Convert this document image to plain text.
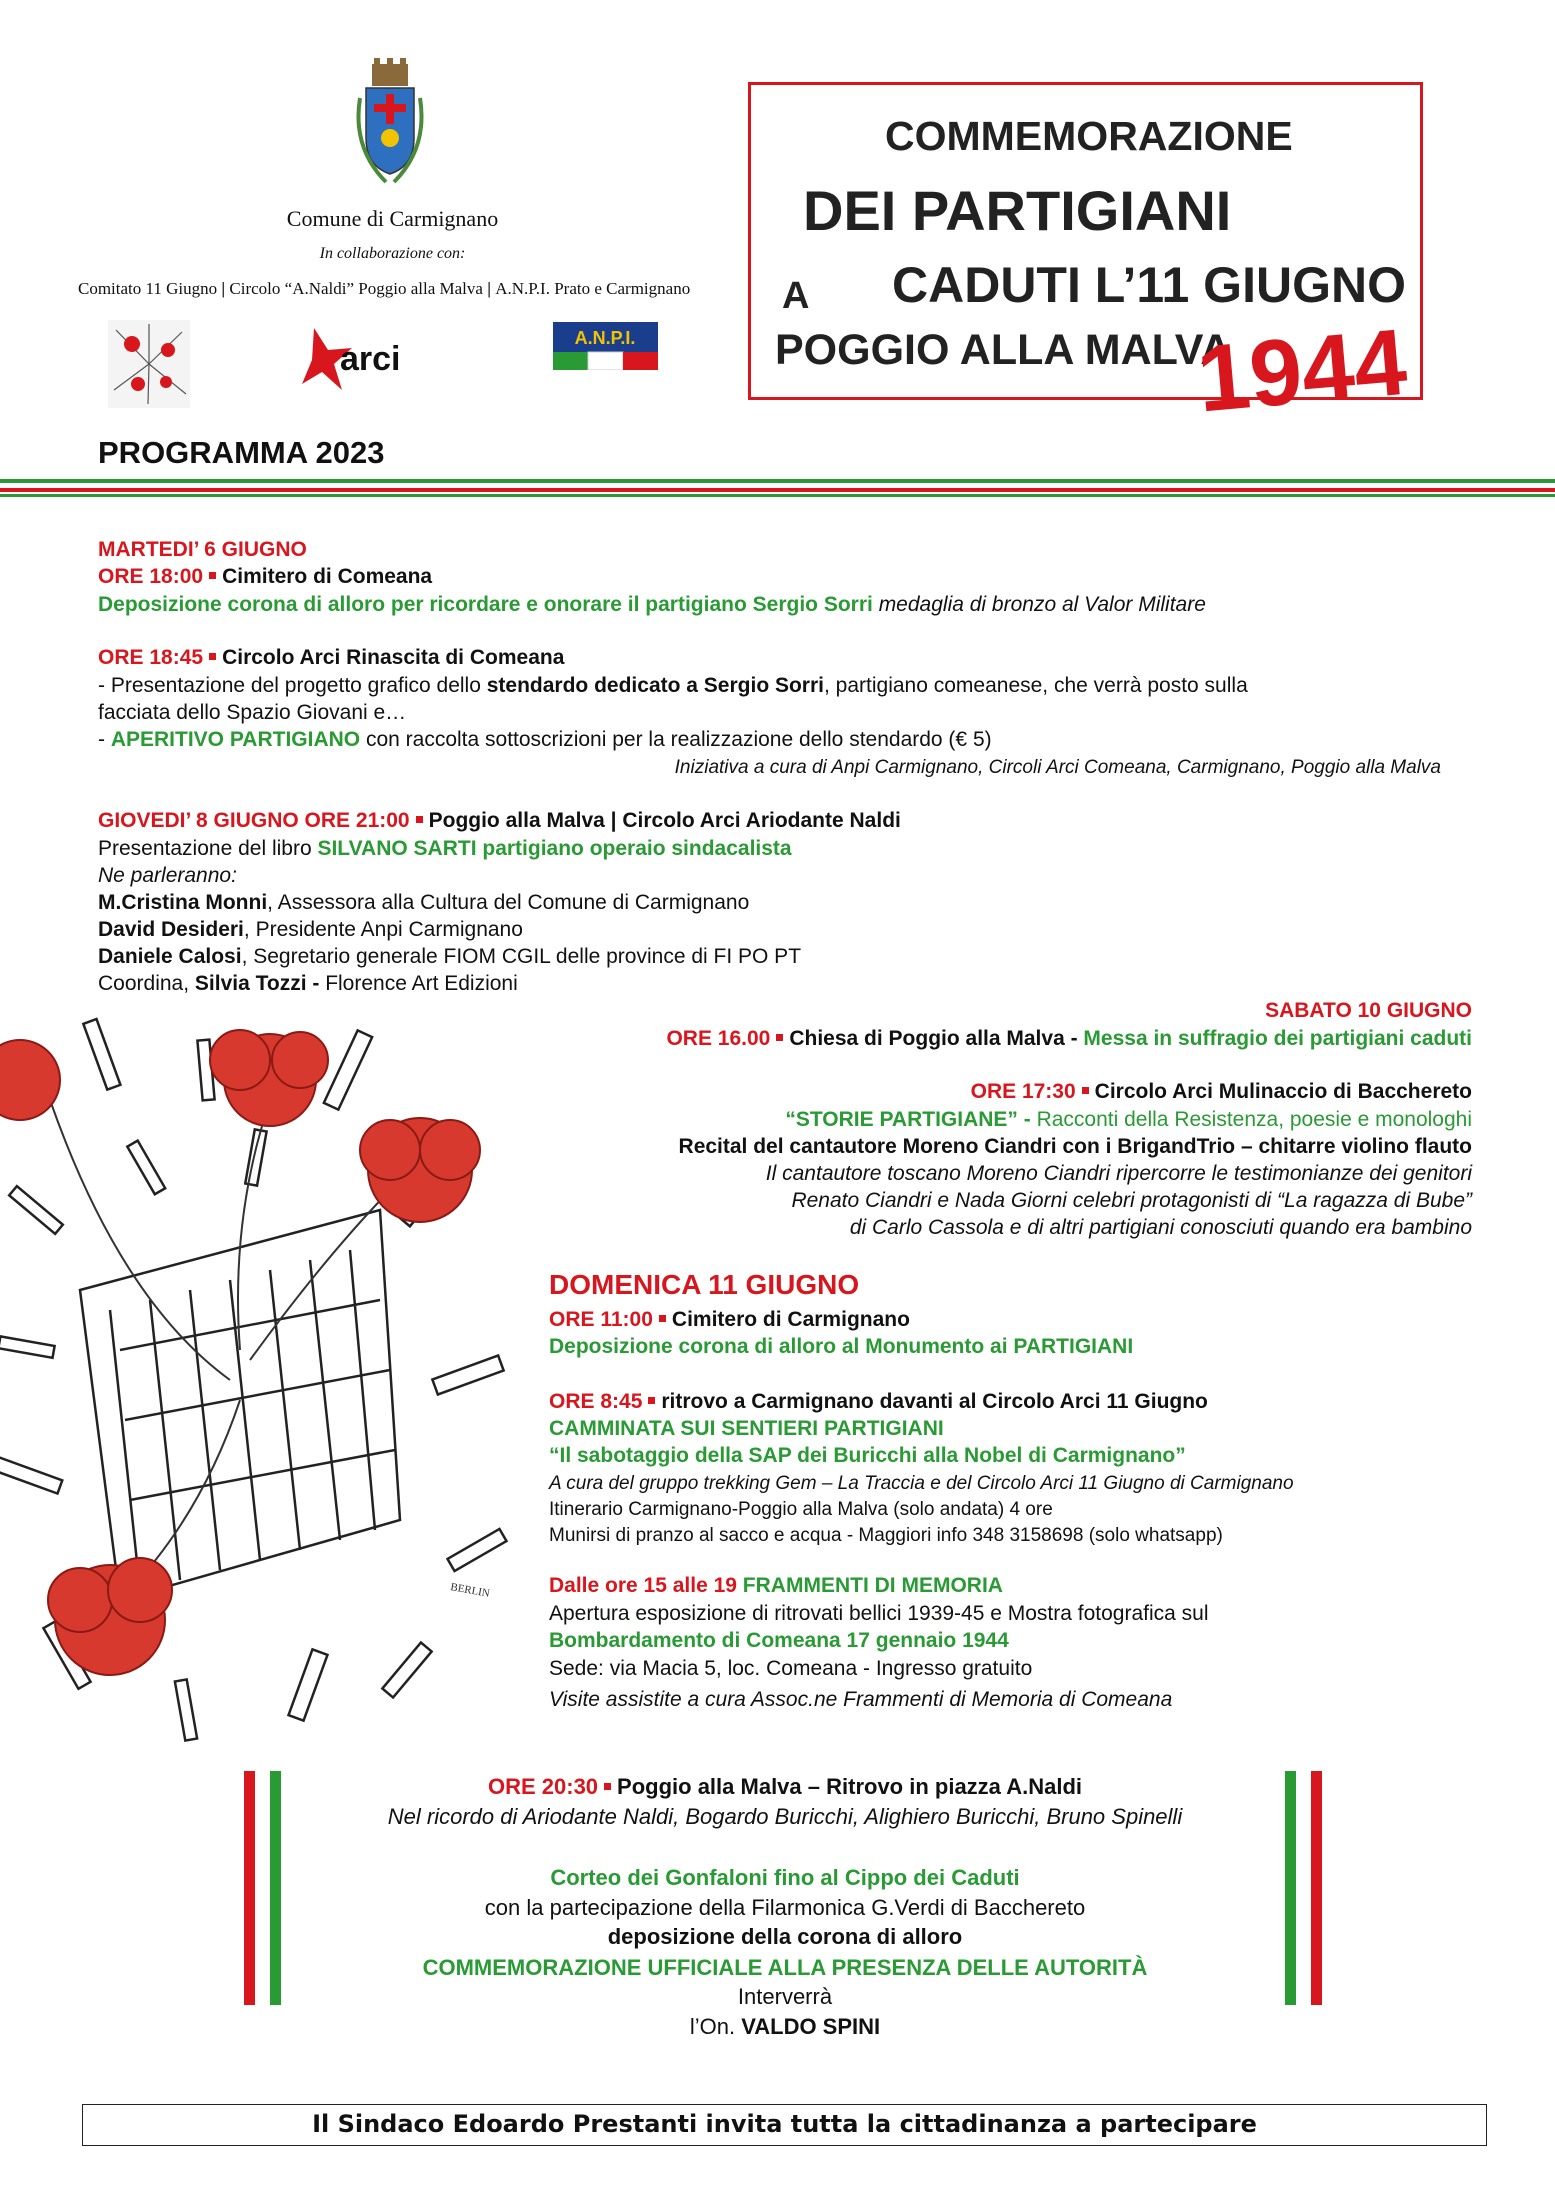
Comune di Carmignano
In collaborazione con:
Comitato 11 Giugno | Circolo “A.Naldi” Poggio alla Malva | A.N.P.I. Prato e Carmignano
arci
A.N.P.I.
COMMEMORAZIONE
DEI PARTIGIANI
CADUTI L’11 GIUGNO
A
POGGIO ALLA MALVA
1944
PROGRAMMA 2023
MARTEDI’ 6 GIUGNO
ORE 18:00 Cimitero di Comeana
Deposizione corona di alloro per ricordare e onorare il partigiano Sergio Sorri medaglia di bronzo al Valor Militare
ORE 18:45 Circolo Arci Rinascita di Comeana
- Presentazione del progetto grafico dello stendardo dedicato a Sergio Sorri, partigiano comeanese, che verrà posto sulla
facciata dello Spazio Giovani e…
- APERITIVO PARTIGIANO con raccolta sottoscrizioni per la realizzazione dello stendardo (€ 5)
Iniziativa a cura di Anpi Carmignano, Circoli Arci Comeana, Carmignano, Poggio alla Malva
GIOVEDI’ 8 GIUGNO ORE 21:00 Poggio alla Malva | Circolo Arci Ariodante Naldi
Presentazione del libro SILVANO SARTI partigiano operaio sindacalista
Ne parleranno:
M.Cristina Monni, Assessora alla Cultura del Comune di Carmignano
David Desideri, Presidente Anpi Carmignano
Daniele Calosi, Segretario generale FIOM CGIL delle province di FI PO PT
Coordina, Silvia Tozzi - Florence Art Edizioni
BERLIN
SABATO 10 GIUGNO
ORE 16.00 Chiesa di Poggio alla Malva - Messa in suffragio dei partigiani caduti
ORE 17:30 Circolo Arci Mulinaccio di Bacchereto
“STORIE PARTIGIANE” - Racconti della Resistenza, poesie e monologhi
Recital del cantautore Moreno Ciandri con i BrigandTrio – chitarre violino flauto
Il cantautore toscano Moreno Ciandri ripercorre le testimonianze dei genitori
Renato Ciandri e Nada Giorni celebri protagonisti di “La ragazza di Bube”
di Carlo Cassola e di altri partigiani conosciuti quando era bambino
DOMENICA 11 GIUGNO
ORE 11:00 Cimitero di Carmignano
Deposizione corona di alloro al Monumento ai PARTIGIANI
ORE 8:45 ritrovo a Carmignano davanti al Circolo Arci 11 Giugno
CAMMINATA SUI SENTIERI PARTIGIANI
“Il sabotaggio della SAP dei Buricchi alla Nobel di Carmignano”
A cura del gruppo trekking Gem – La Traccia e del Circolo Arci 11 Giugno di Carmignano
Itinerario Carmignano-Poggio alla Malva (solo andata) 4 ore
Munirsi di pranzo al sacco e acqua - Maggiori info 348 3158698 (solo whatsapp)
Dalle ore 15 alle 19 FRAMMENTI DI MEMORIA
Apertura esposizione di ritrovati bellici 1939-45 e Mostra fotografica sul
Bombardamento di Comeana 17 gennaio 1944
Sede: via Macia 5, loc. Comeana - Ingresso gratuito
Visite assistite a cura Assoc.ne Frammenti di Memoria di Comeana
ORE 20:30 Poggio alla Malva – Ritrovo in piazza A.Naldi
Nel ricordo di Ariodante Naldi, Bogardo Buricchi, Alighiero Buricchi, Bruno Spinelli
Corteo dei Gonfaloni fino al Cippo dei Caduti
con la partecipazione della Filarmonica G.Verdi di Bacchereto
deposizione della corona di alloro
COMMEMORAZIONE UFFICIALE ALLA PRESENZA DELLE AUTORITÀ
Interverrà
l’On. VALDO SPINI
Il Sindaco Edoardo Prestanti invita tutta la cittadinanza a partecipare
